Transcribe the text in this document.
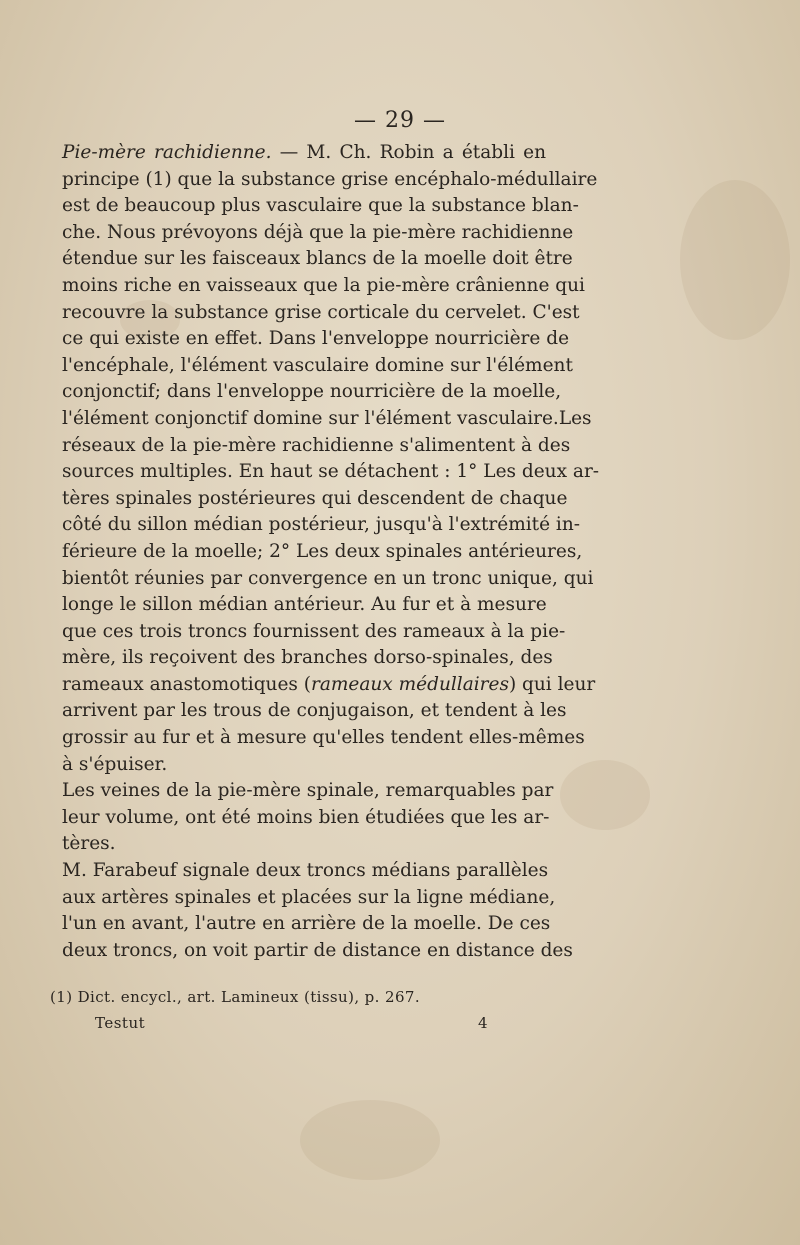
— 29 —

Pie-mère rachidienne. — M. Ch. Robin a établi en
principe (1) que la substance grise encéphalo-médullaire
est de beaucoup plus vasculaire que la substance blan-
che. Nous prévoyons déjà que la pie-mère rachidienne
étendue sur les faisceaux blancs de la moelle doit être
moins riche en vaisseaux que la pie-mère crânienne qui
recouvre la substance grise corticale du cervelet. C'est
ce qui existe en effet. Dans l'enveloppe nourricière de
l'encéphale, l'élément vasculaire domine sur l'élément
conjonctif; dans l'enveloppe nourricière de la moelle,
l'élément conjonctif domine sur l'élément vasculaire.Les
réseaux de la pie-mère rachidienne s'alimentent à des
sources multiples. En haut se détachent : 1° Les deux ar-
tères spinales postérieures qui descendent de chaque
côté du sillon médian postérieur, jusqu'à l'extrémité in-
férieure de la moelle; 2° Les deux spinales antérieures,
bientôt réunies par convergence en un tronc unique, qui
longe le sillon médian antérieur. Au fur et à mesure
que ces trois troncs fournissent des rameaux à la pie-
mère, ils reçoivent des branches dorso-spinales, des
rameaux anastomotiques (rameaux médullaires) qui leur
arrivent par les trous de conjugaison, et tendent à les
grossir au fur et à mesure qu'elles tendent elles-mêmes
à s'épuiser.

Les veines de la pie-mère spinale, remarquables par
leur volume, ont été moins bien étudiées que les ar-
tères.

M. Farabeuf signale deux troncs médians parallèles
aux artères spinales et placées sur la ligne médiane,
l'un en avant, l'autre en arrière de la moelle. De ces
deux troncs, on voit partir de distance en distance des

(1) Dict. encycl., art. Lamineux (tissu), p. 267.
Testut	4
